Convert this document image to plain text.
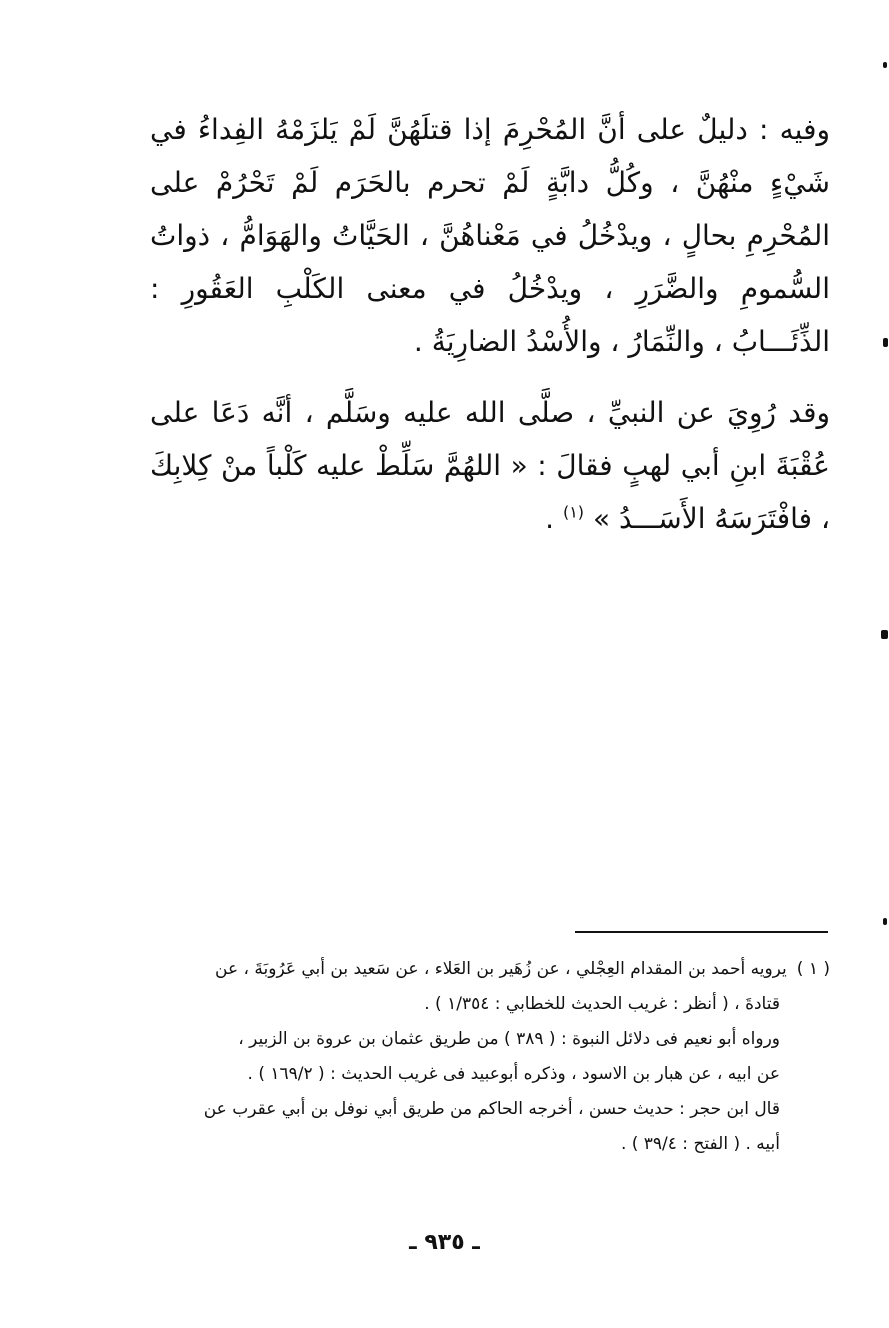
وفيه : دليلٌ على أنَّ المُحْرِمَ إذا قتلَهُنَّ لَمْ يَلزَمْهُ الفِداءُ في شَيْءٍ منْهُنَّ ، وكُلُّ دابَّةٍ لَمْ تحرم بالحَرَم لَمْ تَحْرُمْ على المُحْرِمِ بحالٍ ، ويدْخُلُ في مَعْناهُنَّ ، الحَيَّاتُ والهَوَامُّ ، ذواتُ السُّمومِ والضَّرَرِ ، ويدْخُلُ في معنى الكَلْبِ العَقُورِ : الذِّئَـــابُ ، والنِّمَارُ ، والأُسْدُ الضارِيَةُ .

وقد رُوِيَ عن النبيِّ ، صلَّى الله عليه وسَلَّم ، أنَّه دَعَا على عُقْبَةَ ابنِ أبي لهبٍ فقالَ : « اللهُمَّ سَلِّطْ عليه كَلْباً منْ كِلابِكَ ، فافْتَرَسَهُ الأَسَـــدُ » $^{(١)}$ .

( ١ )يرويه أحمد بن المقدام العِجْلي ، عن زُهَير بن العَلاء ، عن سَعيد بن أبي عَرُوبَةَ ، عن

قتادةَ ، ( أنظر : غريب الحديث للخطابي : ١/٣٥٤ ) .

ورواه أبو نعيم فى دلائل النبوة : ( ٣٨٩ ) من طريق عثمان بن عروة بن الزبير ،

عن ابيه ، عن هبار بن الاسود ، وذكره أبوعبيد فى غريب الحديث : ( ١٦٩/٢ ) .

قال ابن حجر : حديث حسن ، أخرجه الحاكم من طريق أبي نوفل بن أبي عقرب عن

أبيه . ( الفتح : ٣٩/٤ ) .

ـ ٩٣٥ ـ
